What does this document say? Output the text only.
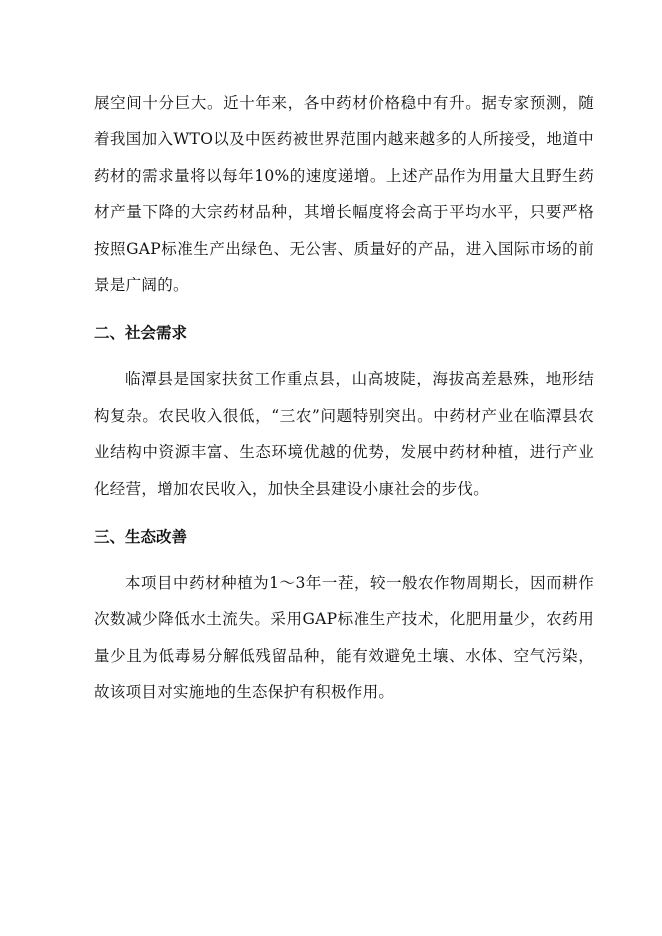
展空间十分巨大。近十年来，各中药材价格稳中有升。据专家预测，随着我国加入WTO以及中医药被世界范围内越来越多的人所接受，地道中药材的需求量将以每年10%的速度递增。上述产品作为用量大且野生药材产量下降的大宗药材品种，其增长幅度将会高于平均水平，只要严格按照GAP标准生产出绿色、无公害、质量好的产品，进入国际市场的前景是广阔的。

二、社会需求

临潭县是国家扶贫工作重点县，山高坡陡，海拔高差悬殊，地形结构复杂。农民收入很低，“三农”问题特别突出。中药材产业在临潭县农业结构中资源丰富、生态环境优越的优势，发展中药材种植，进行产业化经营，增加农民收入，加快全县建设小康社会的步伐。

三、生态改善

本项目中药材种植为1～3年一茬，较一般农作物周期长，因而耕作次数减少降低水土流失。采用GAP标准生产技术，化肥用量少，农药用量少且为低毒易分解低残留品种，能有效避免土壤、水体、空气污染，故该项目对实施地的生态保护有积极作用。
